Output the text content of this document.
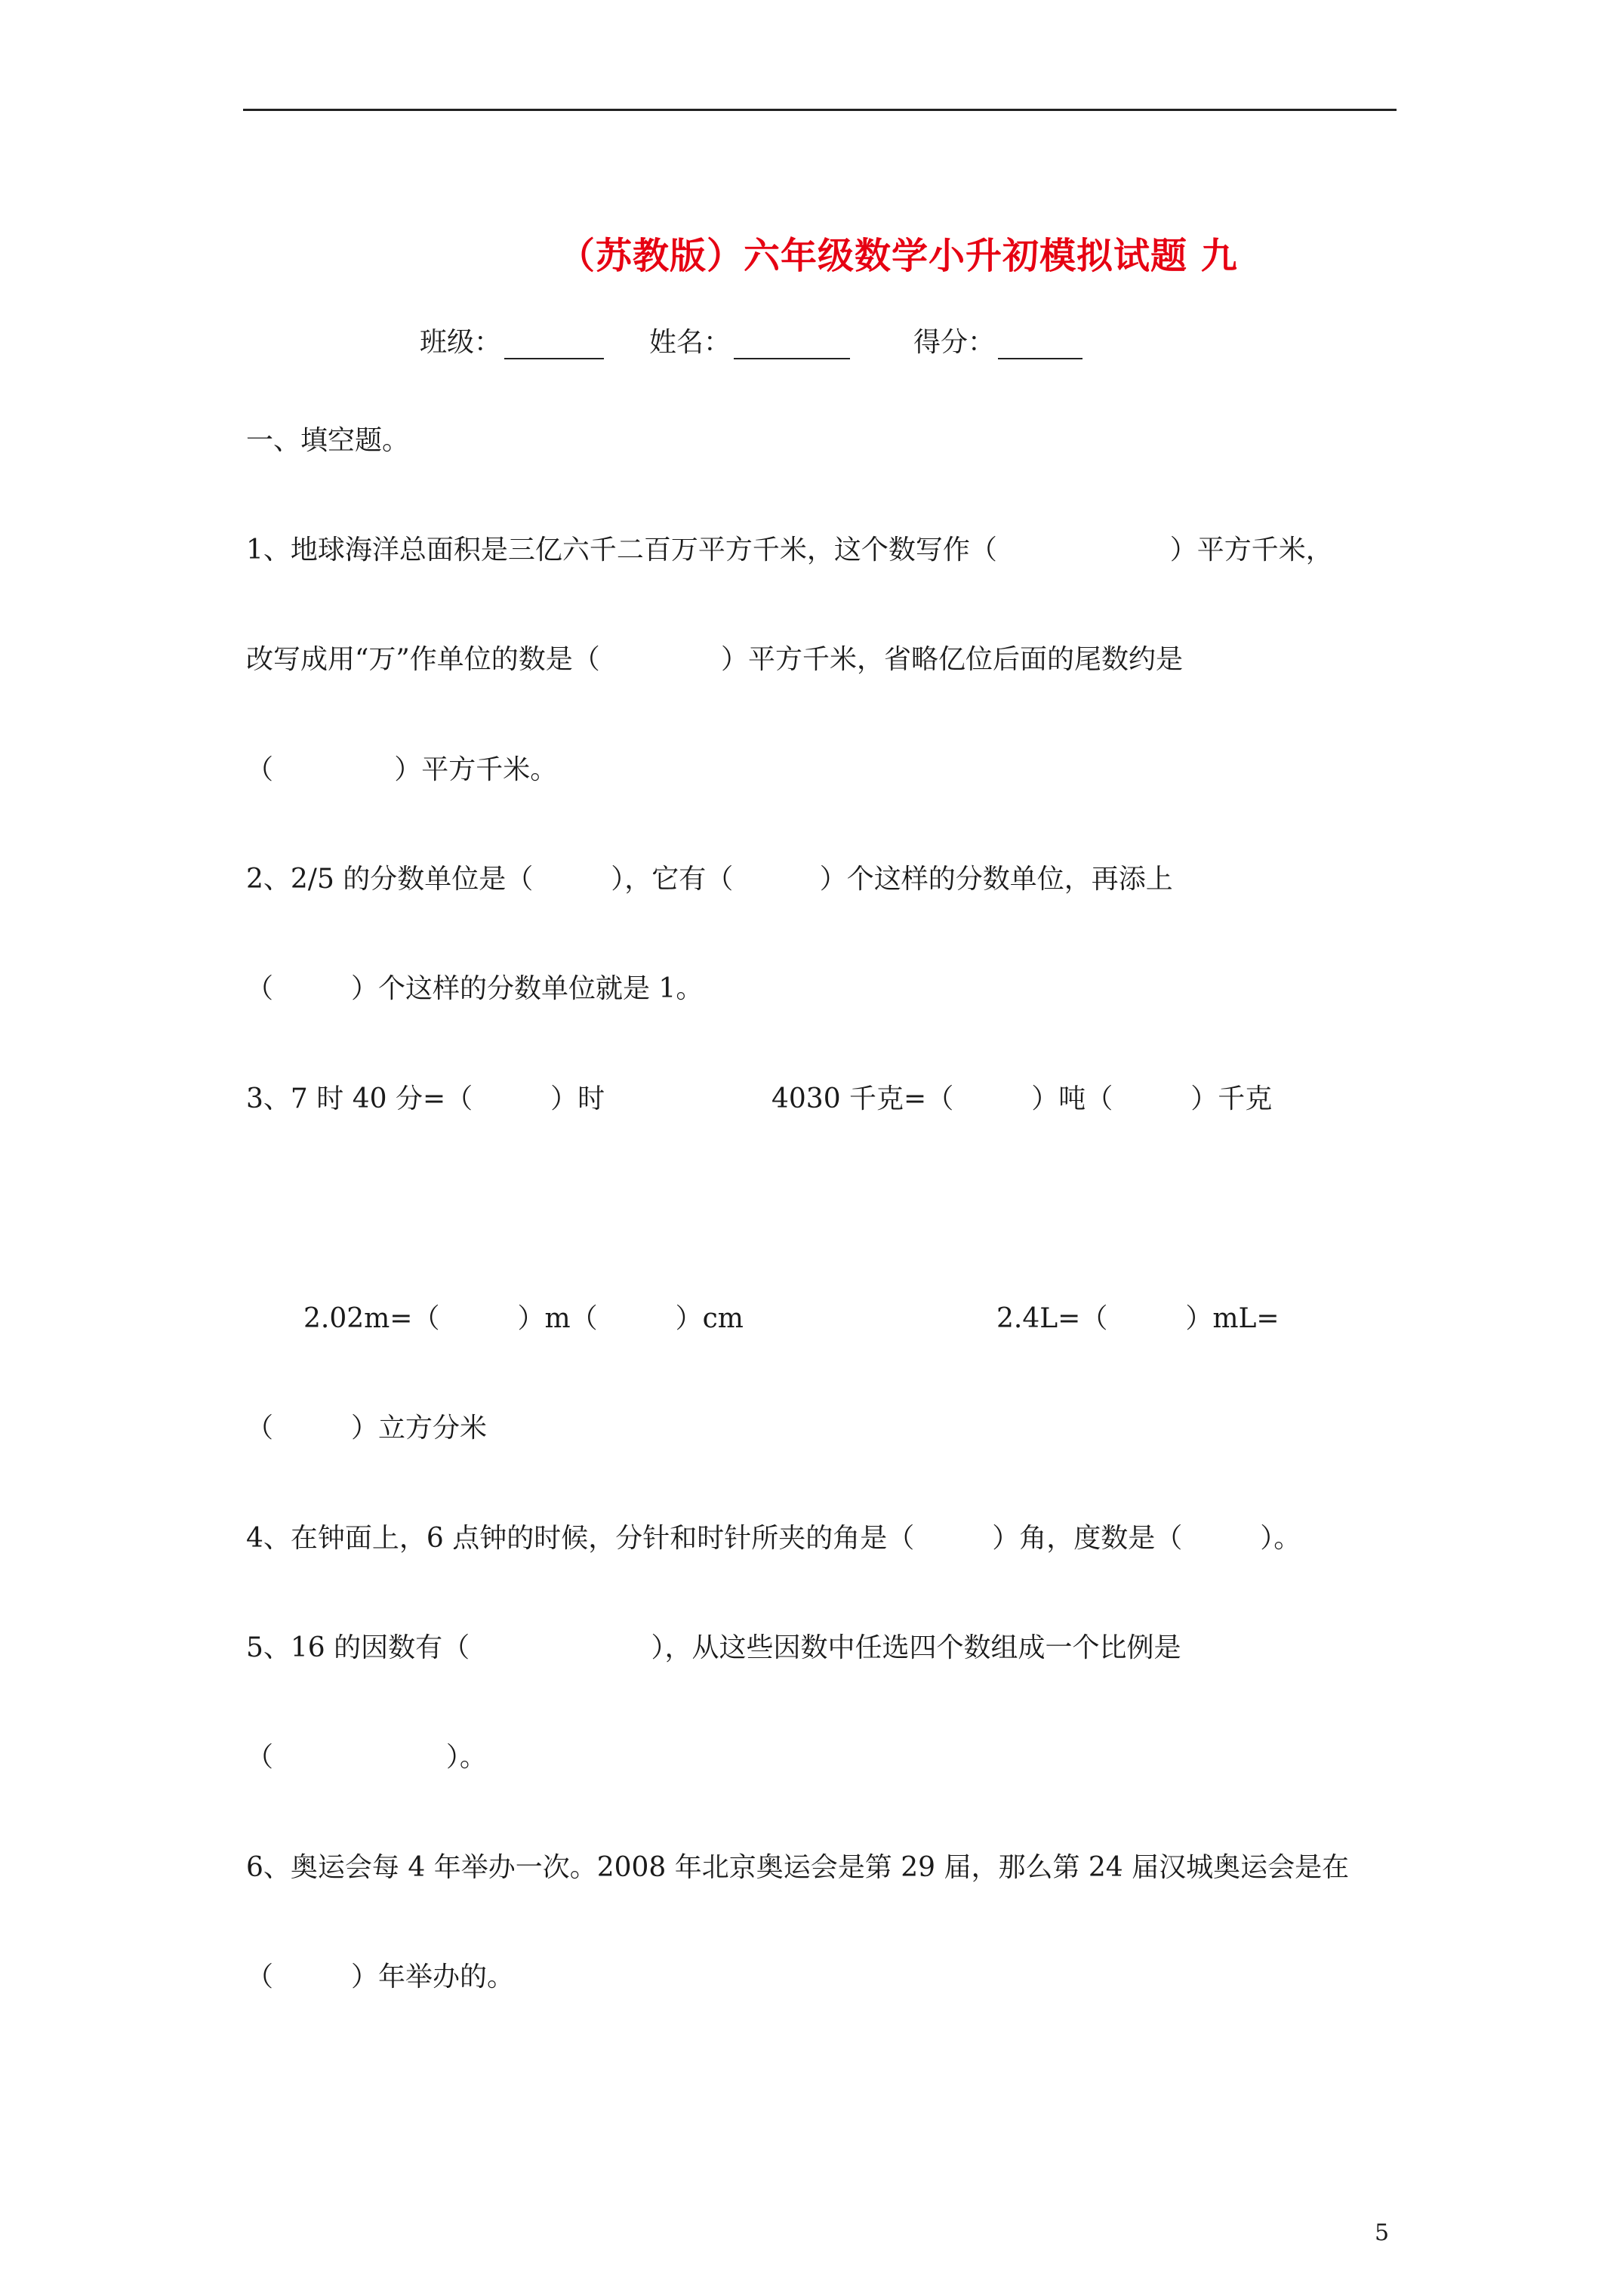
（苏教版）六年级数学小升初模拟试题 九
班级：	姓名：	得分：
一、填空题。
1、地球海洋总面积是三亿六千二百万平方千米，这个数写作（                    ）平方千米，
改写成用“万”作单位的数是（              ）平方千米，省略亿位后面的尾数约是
（              ）平方千米。
2、2/5 的分数单位是（         ），它有（          ）个这样的分数单位，再添上
（         ）个这样的分数单位就是 1。
3、7 时 40 分=（         ）时	4030 千克=（         ）吨（         ）千克
2.02m=（         ）m（         ）cm	2.4L=（         ）mL=
（         ）立方分米
4、在钟面上，6 点钟的时候，分针和时针所夹的角是（         ）角，度数是（         ）。
5、16 的因数有（                     ），从这些因数中任选四个数组成一个比例是
（                    ）。
6、奥运会每 4 年举办一次。2008 年北京奥运会是第 29 届，那么第 24 届汉城奥运会是在
（         ）年举办的。
5
